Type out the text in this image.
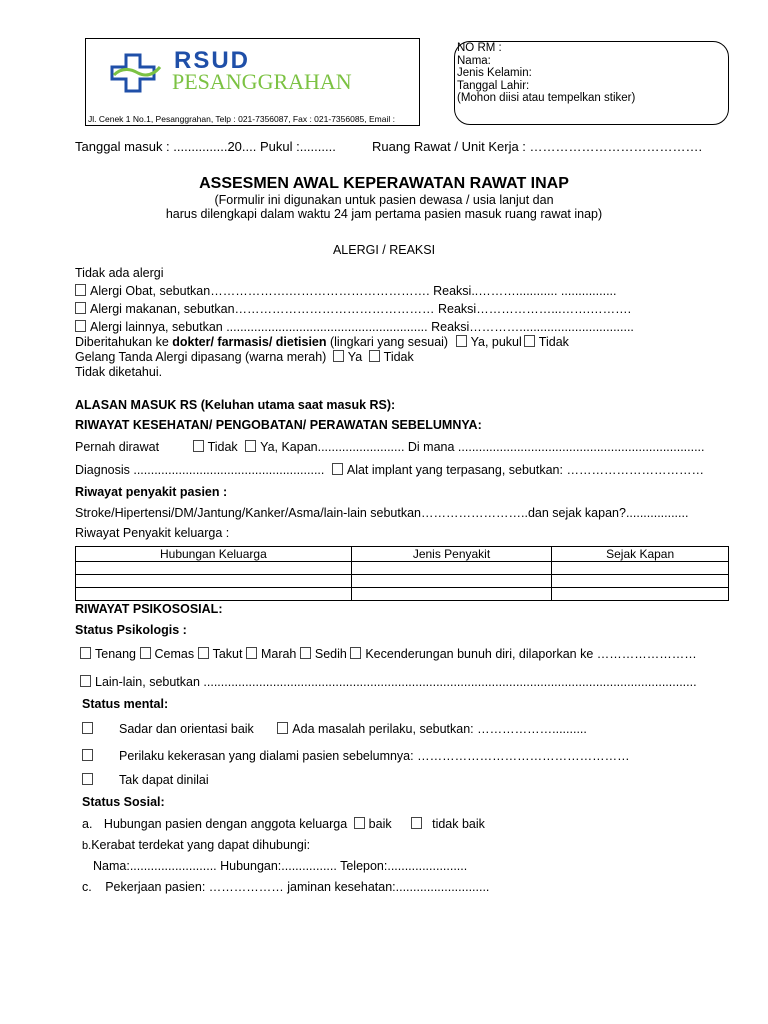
RSUD
PESANGGRAHAN
Jl. Cenek 1 No.1, Pesanggrahan, Telp : 021-7356087, Fax : 021-7356085, Email :
NO RM :
Nama:
Jenis Kelamin:
Tanggal Lahir:
(Mohon diisi atau tempelkan stiker)
Tanggal masuk : ...............20.... Pukul :..........	Ruang Rawat / Unit Kerja : ………………………………….
ASSESMEN AWAL KEPERAWATAN RAWAT INAP
(Formulir ini digunakan untuk pasien dewasa / usia lanjut dan
harus dilengkapi dalam waktu 24 jam pertama pasien masuk ruang rawat inap)
ALERGI / REAKSI
Tidak ada alergi
Alergi Obat, sebutkan……………….……………………………. Reaksi..………............ ................
Alergi makanan, sebutkan………………………………………… Reaksi………………...…….……….
Alergi lainnya, sebutkan .......................................................... Reaksi………….................................
Diberitahukan ke dokter/ farmasis/ dietisien (lingkari yang sesuai) Ya, pukul Tidak
Gelang Tanda Alergi dipasang (warna merah) Ya Tidak
Tidak diketahui.
ALASAN MASUK RS (Keluhan utama saat masuk RS):
RIWAYAT KESEHATAN/ PENGOBATAN/ PERAWATAN SEBELUMNYA:
Pernah dirawat	Tidak Ya, Kapan......................... Di mana .......................................................................
Diagnosis ....................................................... Alat implant yang terpasang, sebutkan: ……………………………
Riwayat penyakit pasien :
Stroke/Hipertensi/DM/Jantung/Kanker/Asma/lain-lain sebutkan……………………..dan sejak kapan?..................
Riwayat Penyakit keluarga :
Hubungan Keluarga	Jenis Penyakit	Sejak Kapan

RIWAYAT PSIKOSOSIAL:
Status Psikologis :
Tenang Cemas Takut Marah Sedih Kecenderungan bunuh diri, dilaporkan ke ……………………
Lain-lain, sebutkan ..............................................................................................................................................
Status mental:
Sadar dan orientasi baik	Ada masalah perilaku, sebutkan: ………………..........
Perilaku kekerasan yang dialami pasien sebelumnya: ……………………………………………
Tak dapat dinilai
Status Sosial:
a. Hubungan pasien dengan anggota keluarga baik	tidak baik
b.Kerabat terdekat yang dapat dihubungi:
Nama:......................... Hubungan:................ Telepon:.......................
c. Pekerjaan pasien: ……………… jaminan kesehatan:...........................
